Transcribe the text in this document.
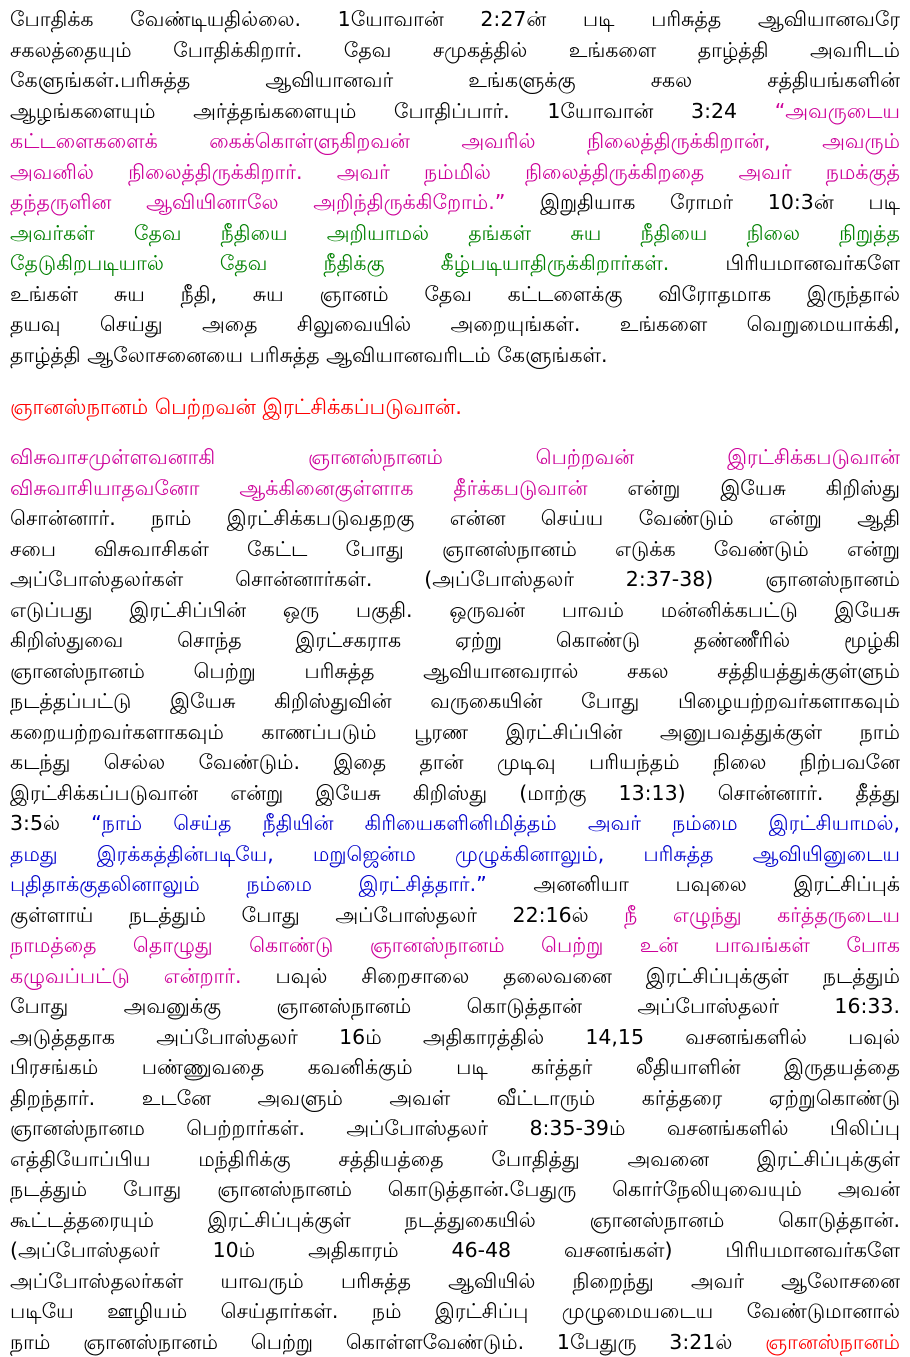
போதிக்க வேண்டியதில்லை. 1யோவான் 2:27ன் படி பரிசுத்த ஆவியானவரே
சகலத்தையும் போதிக்கிறார். தேவ சமுகத்தில் உங்களை தாழ்த்தி அவரிடம்
கேளுங்கள்.பரிசுத்த ஆவியானவர் உங்களுக்கு சகல சத்தியங்களின்
ஆழங்களையும் அர்த்தங்களையும் போதிப்பார். 1யோவான் 3:24 “அவருடைய
கட்டளைகளைக் கைக்கொள்ளுகிறவன் அவரில் நிலைத்திருக்கிறான், அவரும்
அவனில் நிலைத்திருக்கிறார். அவர் நம்மில் நிலைத்திருக்கிறதை அவர் நமக்குத்
தந்தருளின ஆவியினாலே அறிந்திருக்கிறோம்.” இறுதியாக ரோமர் 10:3ன் படி
அவர்கள் தேவ நீதியை அறியாமல் தங்கள் சுய நீதியை நிலை நிறுத்த
தேடுகிறபடியால் தேவ நீதிக்கு கீழ்படியாதிருக்கிறார்கள். பிரியமானவர்களே
உங்கள் சுய நீதி, சுய ஞானம் தேவ கட்டளைக்கு விரோதமாக இருந்தால்
தயவு செய்து அதை சிலுவையில் அறையுங்கள். உங்களை வெறுமையாக்கி,
தாழ்த்தி ஆலோசனையை பரிசுத்த ஆவியானவரிடம் கேளுங்கள்.
ஞானஸ்நானம் பெற்றவன் இரட்சிக்கப்படுவான்.
விசுவாசமுள்ளவனாகி ஞானஸ்நானம் பெற்றவன் இரட்சிக்கபடுவான்
விசுவாசியாதவனோ ஆக்கினைகுள்ளாக தீர்க்கபடுவான் என்று இயேசு கிறிஸ்து
சொன்னார். நாம் இரட்சிக்கபடுவதறகு என்ன செய்ய வேண்டும் என்று ஆதி
சபை விசுவாசிகள் கேட்ட போது ஞானஸ்நானம் எடுக்க வேண்டும் என்று
அப்போஸ்தலர்கள் சொன்னார்கள். (அப்போஸ்தலர் 2:37-38) ஞானஸ்நானம்
எடுப்பது இரட்சிப்பின் ஒரு பகுதி. ஒருவன் பாவம் மன்னிக்கபட்டு இயேசு
கிறிஸ்துவை சொந்த இரட்சகராக ஏற்று கொண்டு தண்ணீரில் மூழ்கி
ஞானஸ்நானம் பெற்று பரிசுத்த ஆவியானவரால் சகல சத்தியத்துக்குள்ளும்
நடத்தப்பட்டு இயேசு கிறிஸ்துவின் வருகையின் போது பிழையற்றவர்களாகவும்
கறையற்றவர்களாகவும் காணப்படும் பூரண இரட்சிப்பின் அனுபவத்துக்குள் நாம்
கடந்து செல்ல வேண்டும். இதை தான் முடிவு பரியந்தம் நிலை நிற்பவனே
இரட்சிக்கப்படுவான் என்று இயேசு கிறிஸ்து (மாற்கு 13:13) சொன்னார். தீத்து
3:5ல் “நாம் செய்த நீதியின் கிரியைகளினிமித்தம் அவர் நம்மை இரட்சியாமல்,
தமது இரக்கத்தின்படியே, மறுஜென்ம முழுக்கினாலும், பரிசுத்த ஆவியினுடைய
புதிதாக்குதலினாலும் நம்மை இரட்சித்தார்.” அனனியா பவுலை இரட்சிப்புக்
குள்ளாய் நடத்தும் போது அப்போஸ்தலர் 22:16ல் நீ எழுந்து கர்த்தருடைய
நாமத்தை தொழுது கொண்டு ஞானஸ்நானம் பெற்று உன் பாவங்கள் போக
கழுவப்பட்டு என்றார். பவுல் சிறைசாலை தலைவனை இரட்சிப்புக்குள் நடத்தும்
போது அவனுக்கு ஞானஸ்நானம் கொடுத்தான் அப்போஸ்தலர் 16:33.
அடுத்ததாக அப்போஸ்தலர் 16ம் அதிகாரத்தில் 14,15 வசனங்களில் பவுல்
பிரசங்கம் பண்ணுவதை கவனிக்கும் படி கர்த்தர் லீதியாளின் இருதயத்தை
திறந்தார். உடனே அவளும் அவள் வீட்டாரும் கர்த்தரை ஏற்றுகொண்டு
ஞானஸ்நானம பெற்றார்கள். அப்போஸ்தலர் 8:35-39ம் வசனங்களில் பிலிப்பு
எத்தியோப்பிய மந்திரிக்கு சத்தியத்தை போதித்து அவனை இரட்சிப்புக்குள்
நடத்தும் போது ஞானஸ்நானம் கொடுத்தான்.பேதுரு கொர்நேலியுவையும் அவன்
கூட்டத்தரையும் இரட்சிப்புக்குள் நடத்துகையில் ஞானஸ்நானம் கொடுத்தான்.
(அப்போஸ்தலர் 10ம் அதிகாரம் 46-48 வசனங்கள்) பிரியமானவர்களே
அப்போஸ்தலர்கள் யாவரும் பரிசுத்த ஆவியில் நிறைந்து அவர் ஆலோசனை
படியே ஊழியம் செய்தார்கள். நம் இரட்சிப்பு முழுமையடைய வேண்டுமானால்
நாம் ஞானஸ்நானம் பெற்று கொள்ளவேண்டும். 1பேதுரு 3:21ல் ஞானஸ்நானம்
